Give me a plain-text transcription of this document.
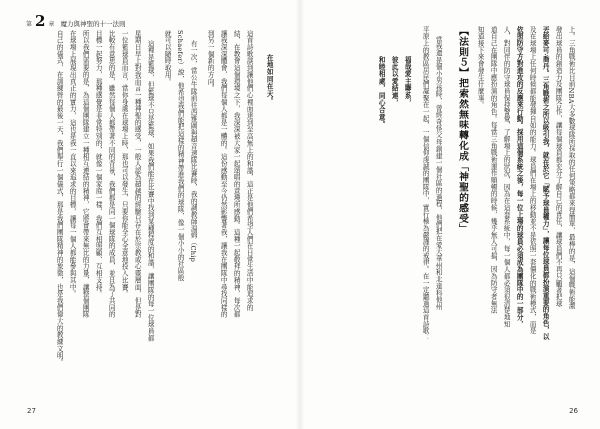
第 2 章 魔力與神聖的十一法則
在地如同在天。
這首詩歌談到讓他們心裡面達到至高無上的和諧，這正是他們希望人們在日常生活中能追求的
結，在教會這個環境之下，我深深被大家一起頌唱的意境所感動。這種一起敬拜的精神，每次都
讓我深深體會，我們每個人都是一體的。這份感動至今仍然影響著我，讓我在團隊中尋找同樣的
到另一個新的方向。
有一次，當公牛隊前往西雅圖與超音速隊比賽時，我的調教師湯姆（Chip
Schaefer）說，他希望我們能把這樣的精神帶進我們的球隊，像一個小小的社區般
就可以隨時取用。
這裡是籃球，但籃球不只是籃球，如果我們能在比賽中找到某種程度的和諧，讓團隊的每一位球員都
星期日早上對我而言一種神聖的感受，一般人認為超越的經驗只存在於宗教或心靈層面，但是對
一位籃球員而言，當你身處在球場上時，那也可以發生，只要你能全心全意地投入比賽。
比較有意思的是，雖然每個人都帶著不同的背景，我們都是同一個球隊的成員，並且為了共同的
目標一起努力，那種感覺是非常特別的，就像一個家庭一樣，我們互相照顧、互相支持。
所以我們需要的是，為這個團隊建立一種相互連結的精神，它將會帶來無比的力量，讓整個團隊
在球場上展現出真正的實力，這也是我一直以來追求的目標，讓每一個人都能參與其中。
自己的儀式，在訓練營的最後一天，我們舉行一個儀式，那是我們團隊精神的象徵，也是我們偉大的教練文明。
27
上。三角戰術比目前NBA大多數球隊所採取的任何策略都來得簡單，最棒的是，這個戰術能激
發出球員的創造力及團隊合作，讓每個球員都充分了解自己的責任，讓球員們不再只顧著把球
丟給麥可‧喬丹。三角戰術之所以吸引我，就在於它「賦予球員權力」，讓每位球員都扮演重要的角色，以
及在球場上任何時候都能發揮自如的能力。球員們在場上的移動並不是依照一套僵化的戰術模式，而是
依照防守方對進攻的反應來行動。採用這個系統之後，每一位上場的球員必須成為團隊中的一部分，
人，對同伴的防守球員保持警覺，了解場上的狀況，因為在這套系統中，每一個人都必須很清楚地知
道自己在團隊中應扮演的角色。每當三角戰術運作順暢的時候，幾乎無人可擋，因為防守者無法
知道接下來會發生什麼事。
【法則５】把索然無味轉化成「神聖的感受」
當我還是個小男孩時，曾經奇怪父母創建一個社區的過程，他們把在愛大華州和北達科他州
平原上的教區居民們凝聚在一起，一個信仰虔誠的團隊中，實行極為嚴謹的戒律。在一定聽過這首詩歌：
福哉愛主聯系，
彼此以愛結連，
和睦相處，同心合意。
26
